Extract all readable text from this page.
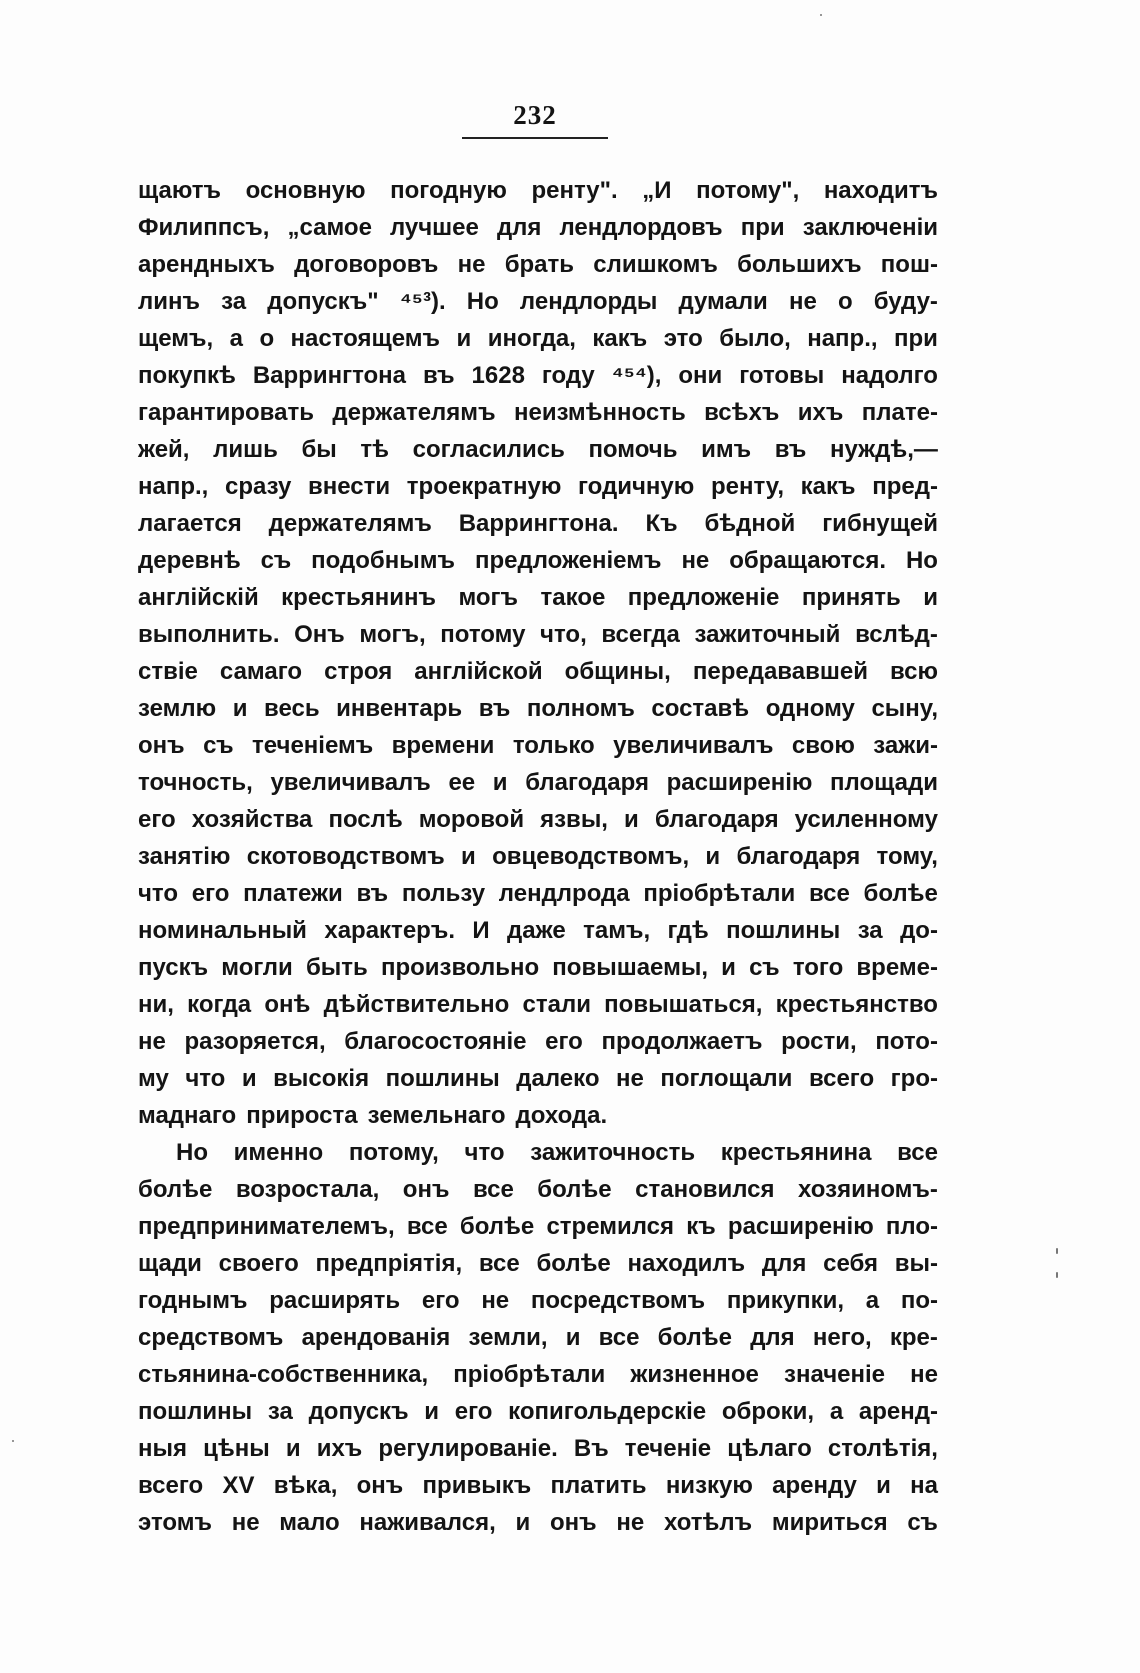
232
щаютъ основную погодную ренту". „И потому", находитъ
Филиппсъ, „самое лучшее для лендлордовъ при заключенiи
арендныхъ договоровъ не брать слишкомъ большихъ пош-
линъ за допускъ" ⁴⁵³). Но лендлорды думали не о буду-
щемъ, а о настоящемъ и иногда, какъ это было, напр., при
покупкѣ Варрингтона въ 1628 году ⁴⁵⁴), они готовы надолго
гарантировать держателямъ неизмѣнность всѣхъ ихъ плате-
жей, лишь бы тѣ согласились помочь имъ въ нуждѣ,—
напр., сразу внести троекратную годичную ренту, какъ пред-
лагается держателямъ Варрингтона. Къ бѣдной гибнущей
деревнѣ съ подобнымъ предложенiемъ не обращаются. Но
англiйскiй крестьянинъ могъ такое предложенiе принять и
выполнить. Онъ могъ, потому что, всегда зажиточный вслѣд-
ствiе самаго строя англiйской общины, передававшей всю
землю и весь инвентарь въ полномъ составѣ одному сыну,
онъ съ теченiемъ времени только увеличивалъ свою зажи-
точность, увеличивалъ ее и благодаря расширенiю площади
его хозяйства послѣ моровой язвы, и благодаря усиленному
занятiю скотоводствомъ и овцеводствомъ, и благодаря тому,
что его платежи въ пользу лендлрода прiобрѣтали все болѣе
номинальный характеръ. И даже тамъ, гдѣ пошлины за до-
пускъ могли быть произвольно повышаемы, и съ того време-
ни, когда онѣ дѣйствительно стали повышаться, крестьянство
не разоряется, благосостоянiе его продолжаетъ рости, пото-
му что и высокiя пошлины далеко не поглощали всего гро-
маднаго прироста земельнаго дохода.
Но именно потому, что зажиточность крестьянина все
болѣе возростала, онъ все болѣе становился хозяиномъ-
предпринимателемъ, все болѣе стремился къ расширенiю пло-
щади своего предпрiятiя, все болѣе находилъ для себя вы-
годнымъ расширять его не посредствомъ прикупки, а по-
средствомъ арендованiя земли, и все болѣе для него, кре-
стьянина-собственника, прiобрѣтали жизненное значенiе не
пошлины за допускъ и его копигольдерскiе оброки, а аренд-
ныя цѣны и ихъ регулированiе. Въ теченiе цѣлаго столѣтiя,
всего XV вѣка, онъ привыкъ платить низкую аренду и на
этомъ не мало наживался, и онъ не хотѣлъ мириться съ
